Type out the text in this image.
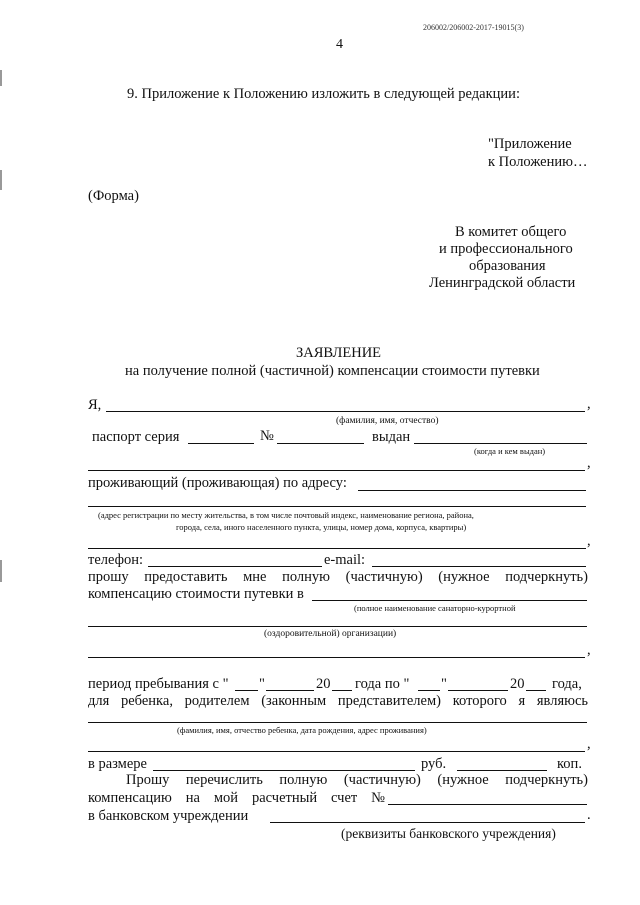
206002/206002-2017-19015(3)
4
9. Приложение к Положению изложить в следующей редакции:
"Приложение
к Положению…
(Форма)
В комитет общего
и профессионального
образования
Ленинградской области
ЗАЯВЛЕНИЕ
на получение полной (частичной) компенсации стоимости путевки
Я,	,
(фамилия, имя, отчество)
паспорт серия	№	выдан
(когда и кем выдан)
,
проживающий (проживающая) по адресу:
(адрес регистрации по месту жительства, в том числе почтовый индекс, наименование региона, района,
города, села, иного населенного пункта, улицы, номер дома, корпуса, квартиры)
,
телефон:	e-mail:
прошу предоставить мне полную (частичную) (нужное подчеркнуть)
компенсацию стоимости путевки в
(полное наименование санаторно-курортной
(оздоровительной) организации)
,
период пребывания с " "	20 года по " "	20 года,
для ребенка, родителем (законным представителем) которого я являюсь
(фамилия, имя, отчество ребенка, дата рождения, адрес проживания)
,
в размере	руб.	коп.
Прошу перечислить полную (частичную) (нужное подчеркнуть)
компенсацию на мой расчетный счет №
в банковском учреждении	.
(реквизиты банковского учреждения)
